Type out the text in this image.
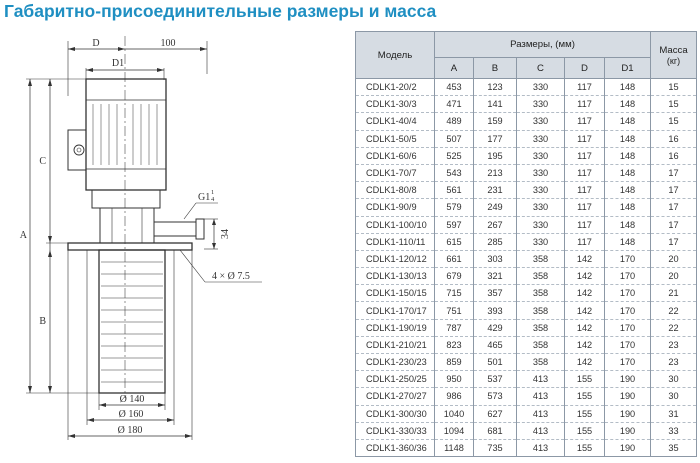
Габаритно-присоединительные размеры и масса
D	100
D1
C
A
B
34
G1 1
4
4 × Ø 7.5
Ø 140
Ø 160
Ø 180
Модель	Размеры, (мм)					Масса
(кг)

	A	B	C	D	D1	
CDLK1-20/2	453	123	330	117	148	15
CDLK1-30/3	471	141	330	117	148	15
CDLK1-40/4	489	159	330	117	148	15
CDLK1-50/5	507	177	330	117	148	16
CDLK1-60/6	525	195	330	117	148	16
CDLK1-70/7	543	213	330	117	148	17
CDLK1-80/8	561	231	330	117	148	17
CDLK1-90/9	579	249	330	117	148	17
CDLK1-100/10	597	267	330	117	148	17
CDLK1-110/11	615	285	330	117	148	17
CDLK1-120/12	661	303	358	142	170	20
CDLK1-130/13	679	321	358	142	170	20
CDLK1-150/15	715	357	358	142	170	21
CDLK1-170/17	751	393	358	142	170	22
CDLK1-190/19	787	429	358	142	170	22
CDLK1-210/21	823	465	358	142	170	23
CDLK1-230/23	859	501	358	142	170	23
CDLK1-250/25	950	537	413	155	190	30
CDLK1-270/27	986	573	413	155	190	30
CDLK1-300/30	1040	627	413	155	190	31
CDLK1-330/33	1094	681	413	155	190	33
CDLK1-360/36	1148	735	413	155	190	35
